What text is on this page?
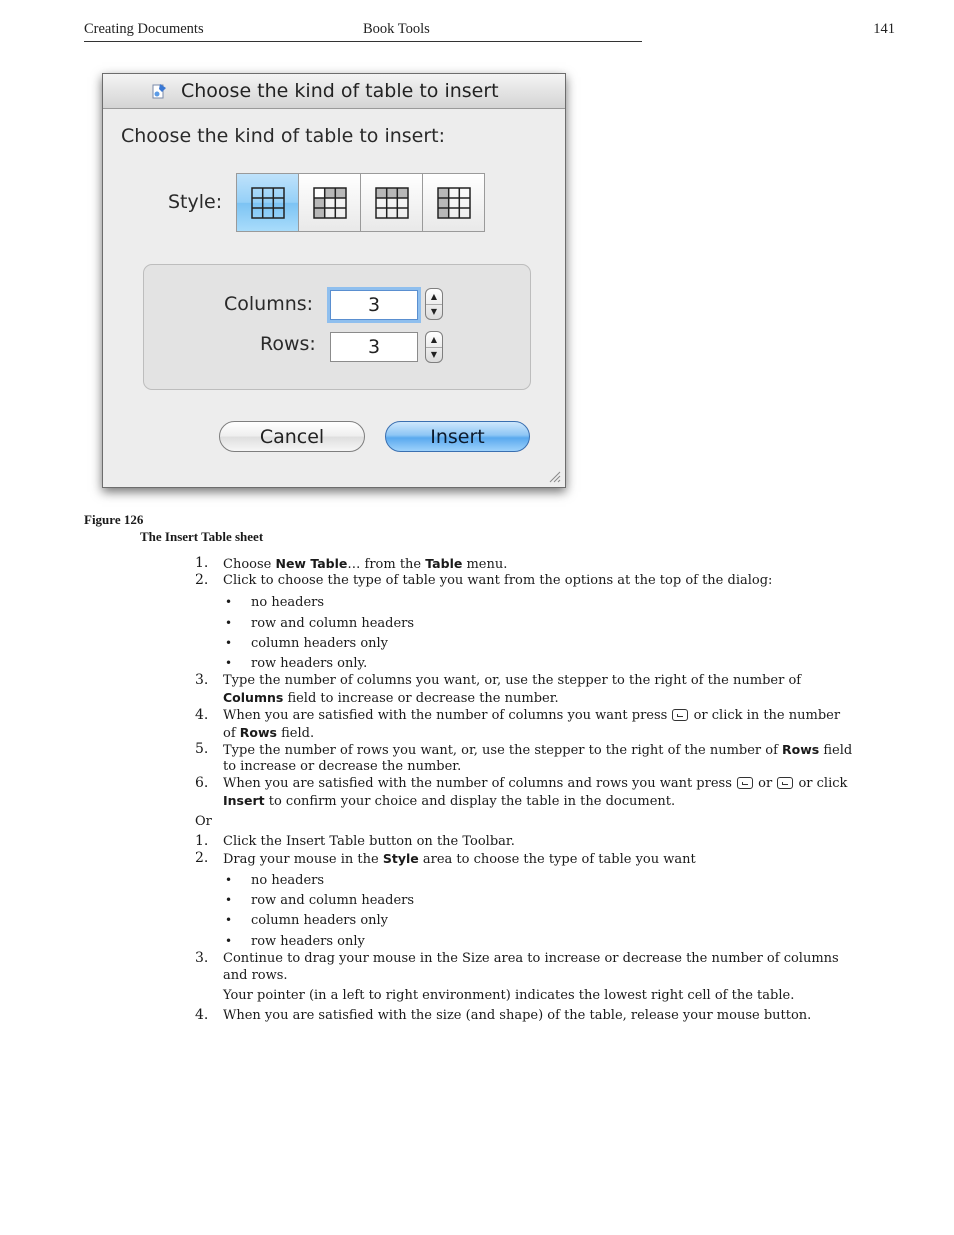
Creating Documents	Book Tools	141
Choose the kind of table to insert
Choose the kind of table to insert:
Style:
Columns:
3	▲
▼
Rows:
3	▲
▼
Cancel	Insert
Figure 126
The Insert Table sheet
1. Choose New Table… from the Table menu.
2. Click to choose the type of table you want from the options at the top of the dialog:
• no headers
• row and column headers
• column headers only
• row headers only.
3. Type the number of columns you want, or, use the stepper to the right of the number of
Columns field to increase or decrease the number.
4. When you are satisfied with the number of columns you want press  or click in the number
of Rows field.
5. Type the number of rows you want, or, use the stepper to the right of the number of Rows field
to increase or decrease the number.
6. When you are satisfied with the number of columns and rows you want press  or  or click
Insert to confirm your choice and display the table in the document.
Or
1. Click the Insert Table button on the Toolbar.
2. Drag your mouse in the Style area to choose the type of table you want
• no headers
• row and column headers
• column headers only
• row headers only
3. Continue to drag your mouse in the Size area to increase or decrease the number of columns
and rows.
Your pointer (in a left to right environment) indicates the lowest right cell of the table.
4. When you are satisfied with the size (and shape) of the table, release your mouse button.
